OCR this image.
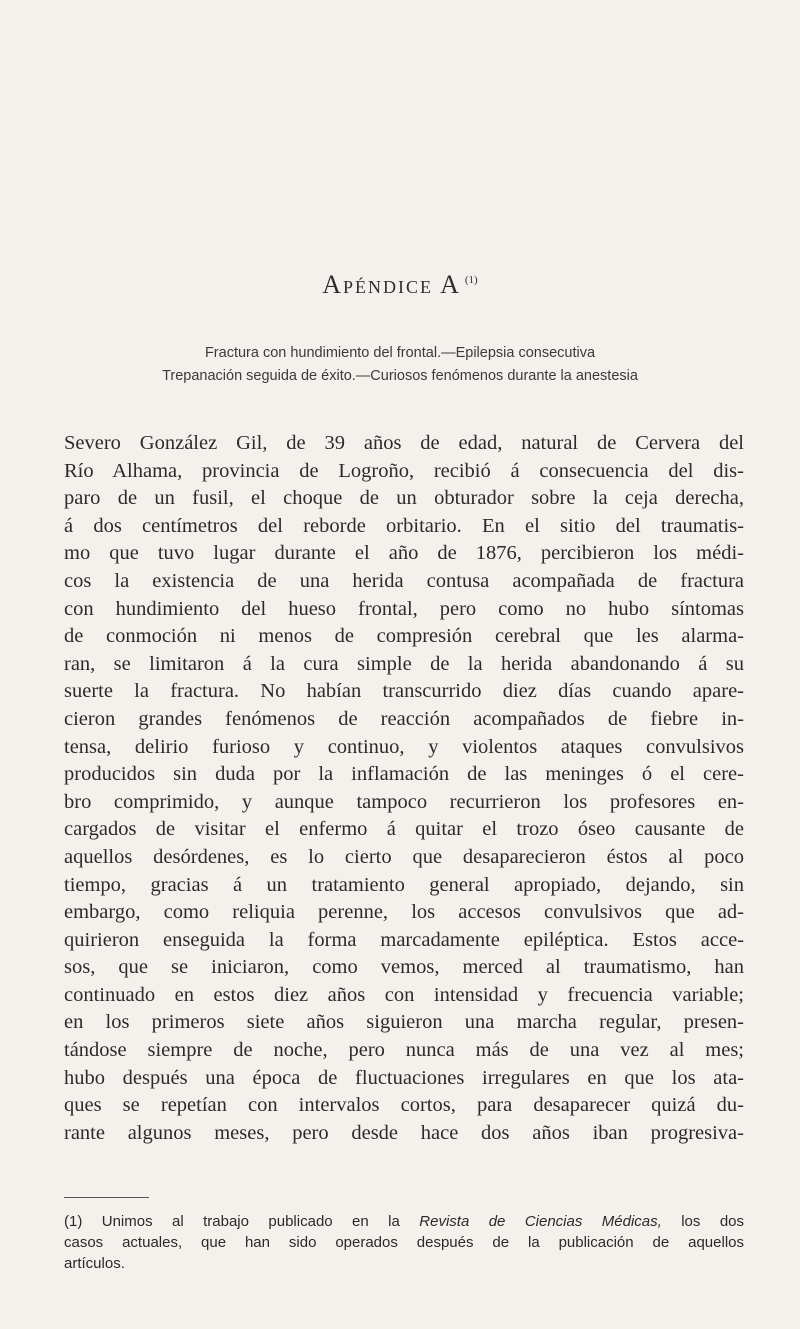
Apéndice A $^{(1)}$
Fractura con hundimiento del frontal.—Epilepsia consecutiva
Trepanación seguida de éxito.—Curiosos fenómenos durante la anestesia
Severo González Gil, de 39 años de edad, natural de Cervera del
Río Alhama, provincia de Logroño, recibió á consecuencia del dis-
paro de un fusil, el choque de un obturador sobre la ceja derecha,
á dos centímetros del reborde orbitario. En el sitio del traumatis-
mo que tuvo lugar durante el año de 1876, percibieron los médi-
cos la existencia de una herida contusa acompañada de fractura
con hundimiento del hueso frontal, pero como no hubo síntomas
de conmoción ni menos de compresión cerebral que les alarma-
ran, se limitaron á la cura simple de la herida abandonando á su
suerte la fractura. No habían transcurrido diez días cuando apare-
cieron grandes fenómenos de reacción acompañados de fiebre in-
tensa, delirio furioso y continuo, y violentos ataques convulsivos
producidos sin duda por la inflamación de las meninges ó el cere-
bro comprimido, y aunque tampoco recurrieron los profesores en-
cargados de visitar el enfermo á quitar el trozo óseo causante de
aquellos desórdenes, es lo cierto que desaparecieron éstos al poco
tiempo, gracias á un tratamiento general apropiado, dejando, sin
embargo, como reliquia perenne, los accesos convulsivos que ad-
quirieron enseguida la forma marcadamente epiléptica. Estos acce-
sos, que se iniciaron, como vemos, merced al traumatismo, han
continuado en estos diez años con intensidad y frecuencia variable;
en los primeros siete años siguieron una marcha regular, presen-
tándose siempre de noche, pero nunca más de una vez al mes;
hubo después una época de fluctuaciones irregulares en que los ata-
ques se repetían con intervalos cortos, para desaparecer quizá du-
rante algunos meses, pero desde hace dos años iban progresiva-
(1) Unimos al trabajo publicado en la Revista de Ciencias Médicas, los dos
casos actuales, que han sido operados después de la publicación de aquellos
artículos.
